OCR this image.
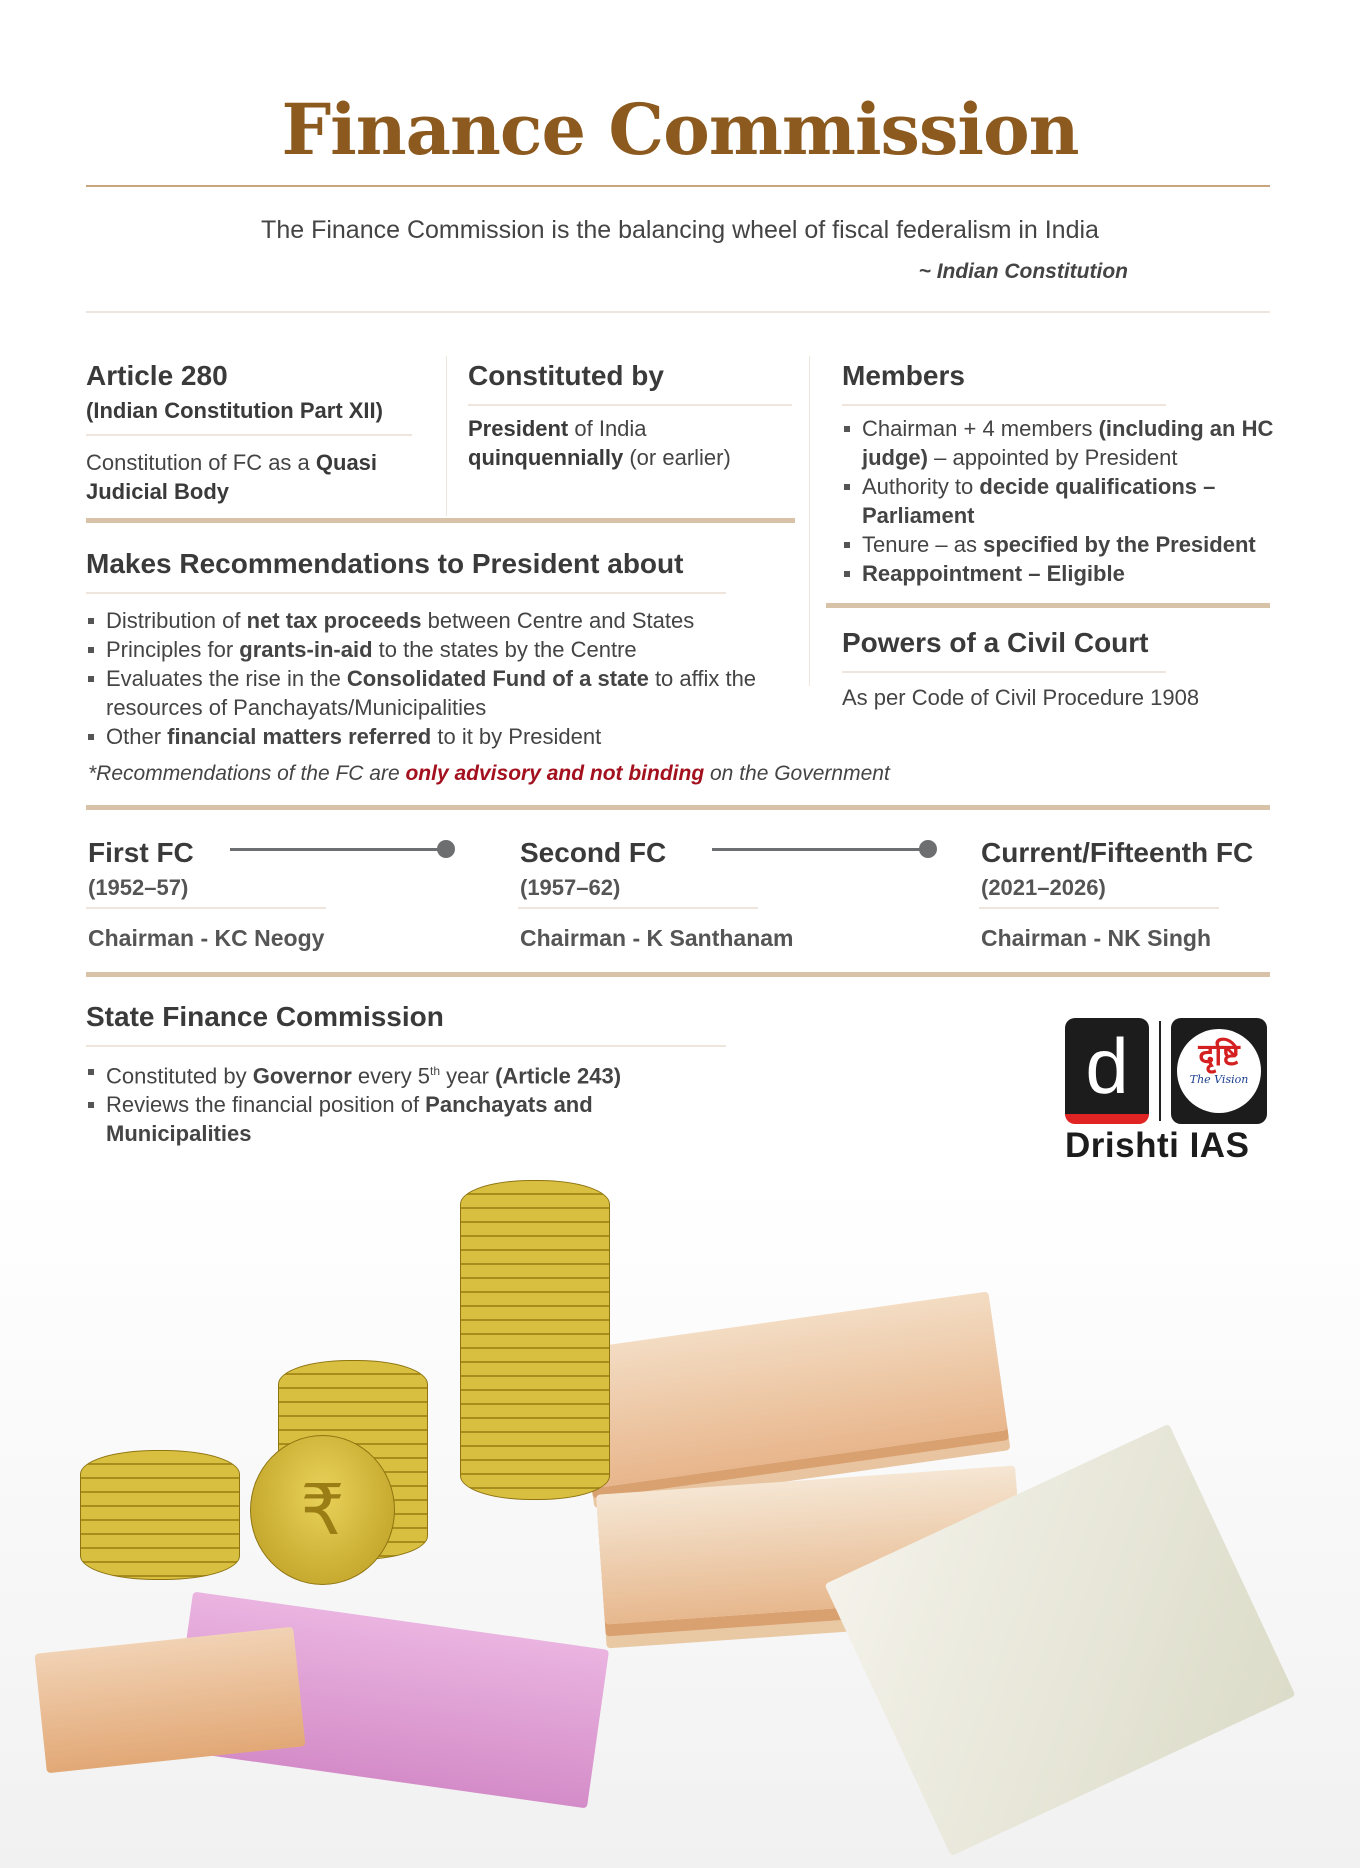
Finance Commission
The Finance Commission is the balancing wheel of fiscal federalism in India
~ Indian Constitution
Article 280
(Indian Constitution Part XII)
Constitution of FC as a Quasi Judicial Body
Constituted by
President of India quinquennially (or earlier)
Members
Chairman + 4 members (including an HC judge) – appointed by President
Authority to decide qualifications – Parliament
Tenure – as specified by the President
Reappointment – Eligible
Makes Recommendations to President about
Distribution of net tax proceeds between Centre and States
Principles for grants-in-aid to the states by the Centre
Evaluates the rise in the Consolidated Fund of a state to affix the resources of Panchayats/Municipalities
Other financial matters referred to it by President
Powers of a Civil Court
As per Code of Civil Procedure 1908
*Recommendations of the FC are only advisory and not binding on the Government
First FC
(1952–57)
Chairman - KC Neogy
Second FC
(1957–62)
Chairman - K Santhanam
Current/Fifteenth FC
(2021–2026)
Chairman - NK Singh
State Finance Commission
Constituted by Governor every 5th year (Article 243)
Reviews the financial position of Panchayats and Municipalities
d	दृष्टि
The Vision
Drishti IAS
₹
